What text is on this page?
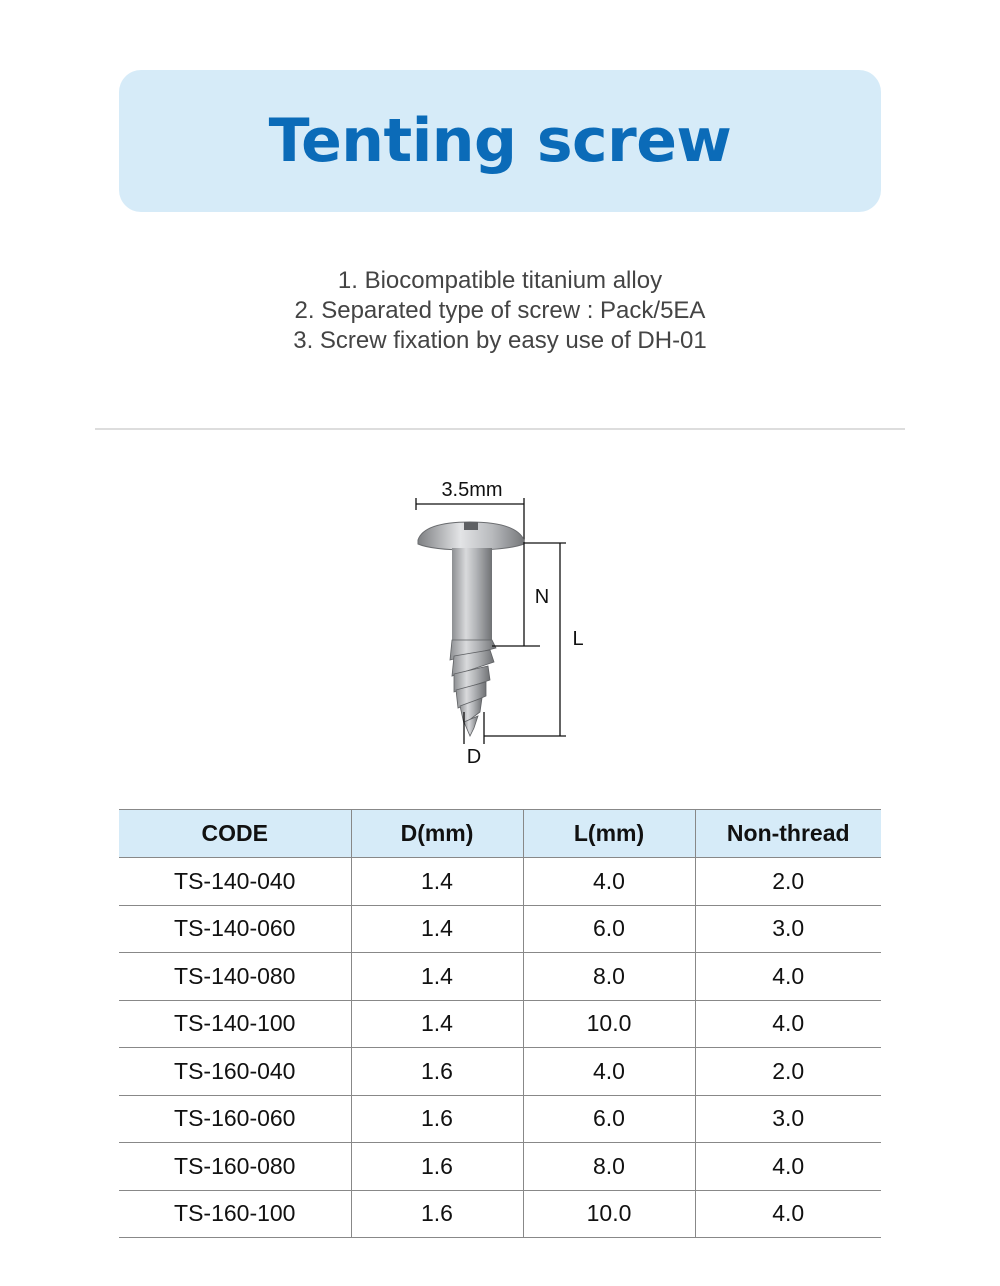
Tenting screw
1. Biocompatible titanium alloy
2. Separated type of screw : Pack/5EA
3. Screw fixation by easy use of DH-01
3.5mm
N
L
D
CODE	D(mm)	L(mm)	Non-thread
TS-140-040	1.4	4.0	2.0
TS-140-060	1.4	6.0	3.0
TS-140-080	1.4	8.0	4.0
TS-140-100	1.4	10.0	4.0
TS-160-040	1.6	4.0	2.0
TS-160-060	1.6	6.0	3.0
TS-160-080	1.6	8.0	4.0
TS-160-100	1.6	10.0	4.0
